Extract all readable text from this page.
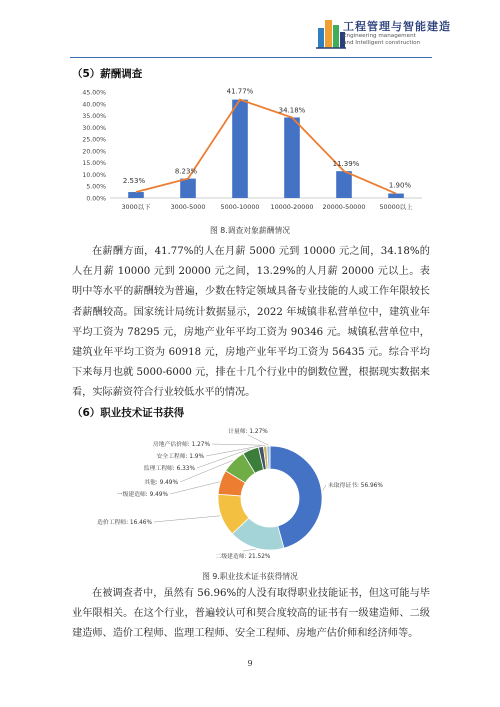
工程管理与智能建造
Engineering management
and Intelligent construction
（5）薪酬调查
0.00%
5.00%
10.00%
15.00%
20.00%
25.00%
30.00%
35.00%
40.00%
45.00%
3000以下	3000-5000 5000-10000 10000-20000 20000-50000 50000以上
2.53%
8.23%
41.77%
34.18%
11.39%
1.90%
图 8.调查对象薪酬情况

在薪酬方面，41.77%的人在月薪 5000 元到 10000 元之间，34.18%的人在月薪 10000 元到 20000 元之间，13.29%的人月薪 20000 元以上。表明中等水平的薪酬较为普遍，少数在特定领域具备专业技能的人或工作年限较长者薪酬较高。国家统计局统计数据显示，2022 年城镇非私营单位中，建筑业年平均工资为 78295 元，房地产业年平均工资为 90346 元。城镇私营单位中，建筑业年平均工资为 60918 元，房地产业年平均工资为 56435 元。综合平均下来每月也就 5000-6000 元，排在十几个行业中的倒数位置，根据现实数据来看，实际薪资符合行业较低水平的情况。

（6）职业技术证书获得
未取得证书: 56.96%
二级建造师: 21.52%
造价工程师: 16.46%
一级建造师: 9.49%
其他: 9.49%
监理工程师: 6.33%
安全工程师: 1.9%
房地产估价师: 1.27%
计量师: 1.27%
图 9.职业技术证书获得情况

在被调查者中，虽然有 56.96%的人没有取得职业技能证书，但这可能与毕业年限相关。在这个行业，普遍较认可和契合度较高的证书有一级建造师、二级建造师、造价工程师、监理工程师、安全工程师、房地产估价师和经济师等。

9
